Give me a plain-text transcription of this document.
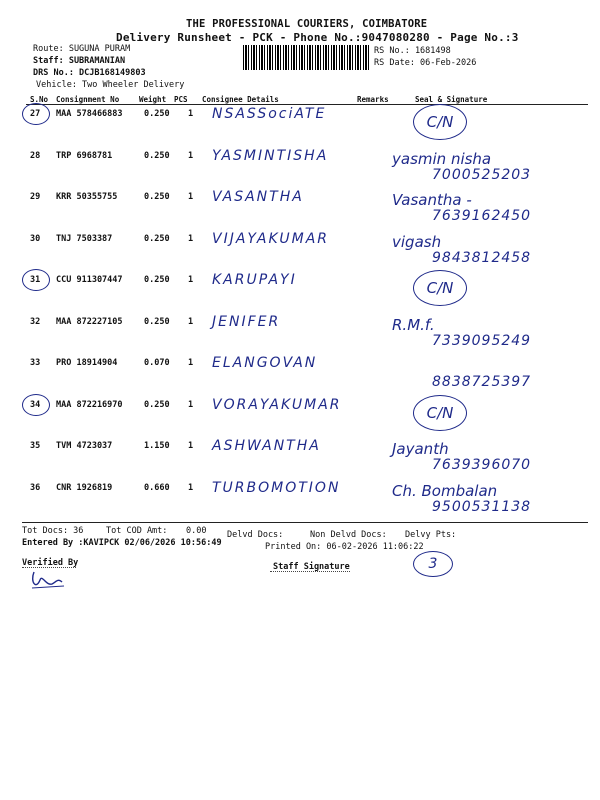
THE PROFESSIONAL COURIERS, COIMBATORE
Delivery Runsheet - PCK - Phone No.:9047080280 - Page No.:3
Route: SUGUNA PURAM
Staff: SUBRAMANIAN
DRS No.: DCJB168149803
Vehicle: Two Wheeler Delivery
RS No.: 1681498
RS Date: 06-Feb-2026
S.No Consignment No	Weight PCS Consignee Details	Remarks	Seal & Signature
27 MAA 578466883	0.250 1 NSASSociATE	C/N
28 TRP 6968781	0.250 1 YASMINTISHA	yasmin nisha
7000525203
29 KRR 50355755	0.250 1 VASANTHA	Vasantha -
7639162450
30 TNJ 7503387	0.250 1 VIJAYAKUMAR	vigash
9843812458
31 CCU 911307447	0.250 1 KARUPAYI	C/N
32 MAA 872227105	0.250 1 JENIFER	R.M.f.
7339095249
33 PRO 18914904	0.070 1 ELANGOVAN
8838725397
34 MAA 872216970	0.250 1 VORAYAKUMAR	C/N
35 TVM 4723037	1.150 1 ASHWANTHA	Jayanth
7639396070
36 CNR 1926819	0.660 1 TURBOMOTION	Ch. Bombalan
9500531138
Tot Docs: 36	Tot COD Amt: 0.00 Delvd Docs:	Non Delvd Docs: Delvy Pts:
Entered By :KAVIPCK 02/06/2026 10:56:49	Printed On: 06-02-2026 11:06:22
Verified By	Staff Signature	3
